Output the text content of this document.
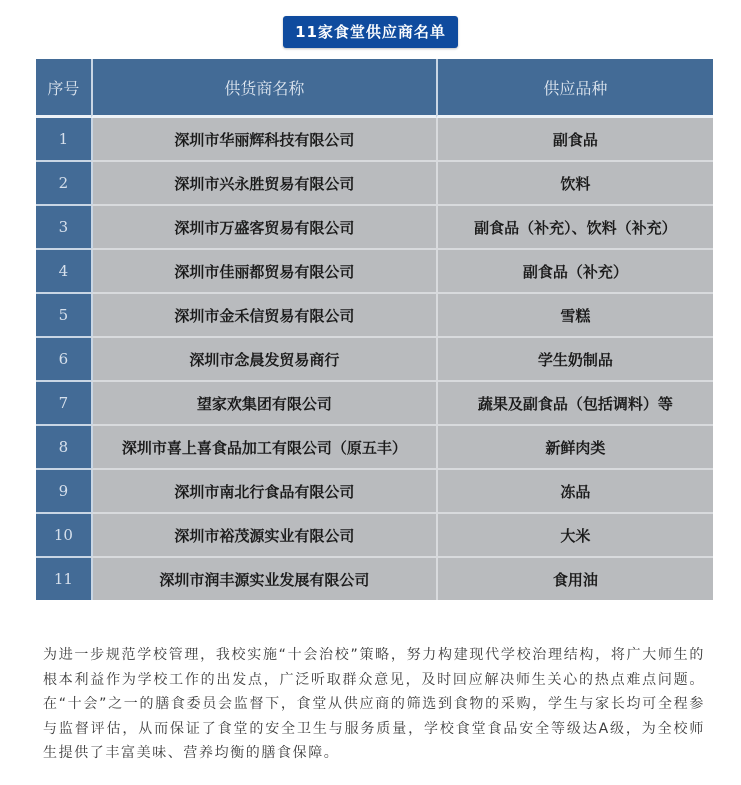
11家食堂供应商名单
序号	供货商名称	供应品种
1	深圳市华丽辉科技有限公司	副食品
2	深圳市兴永胜贸易有限公司	饮料
3	深圳市万盛客贸易有限公司	副食品（补充）、饮料（补充）
4	深圳市佳丽都贸易有限公司	副食品（补充）
5	深圳市金禾信贸易有限公司	雪糕
6	深圳市念晨发贸易商行	学生奶制品
7	望家欢集团有限公司	蔬果及副食品（包括调料）等
8	深圳市喜上喜食品加工有限公司（原五丰）	新鲜肉类
9	深圳市南北行食品有限公司	冻品
10	深圳市裕茂源实业有限公司	大米
11	深圳市润丰源实业发展有限公司	食用油

为进一步规范学校管理，我校实施“十会治校”策略，努力构建现代学校治理结构，将广大师生的根本利益作为学校工作的出发点，广泛听取群众意见，及时回应解决师生关心的热点难点问题。在“十会”之一的膳食委员会监督下，食堂从供应商的筛选到食物的采购，学生与家长均可全程参与监督评估，从而保证了食堂的安全卫生与服务质量，学校食堂食品安全等级达A级，为全校师生提供了丰富美味、营养均衡的膳食保障。
